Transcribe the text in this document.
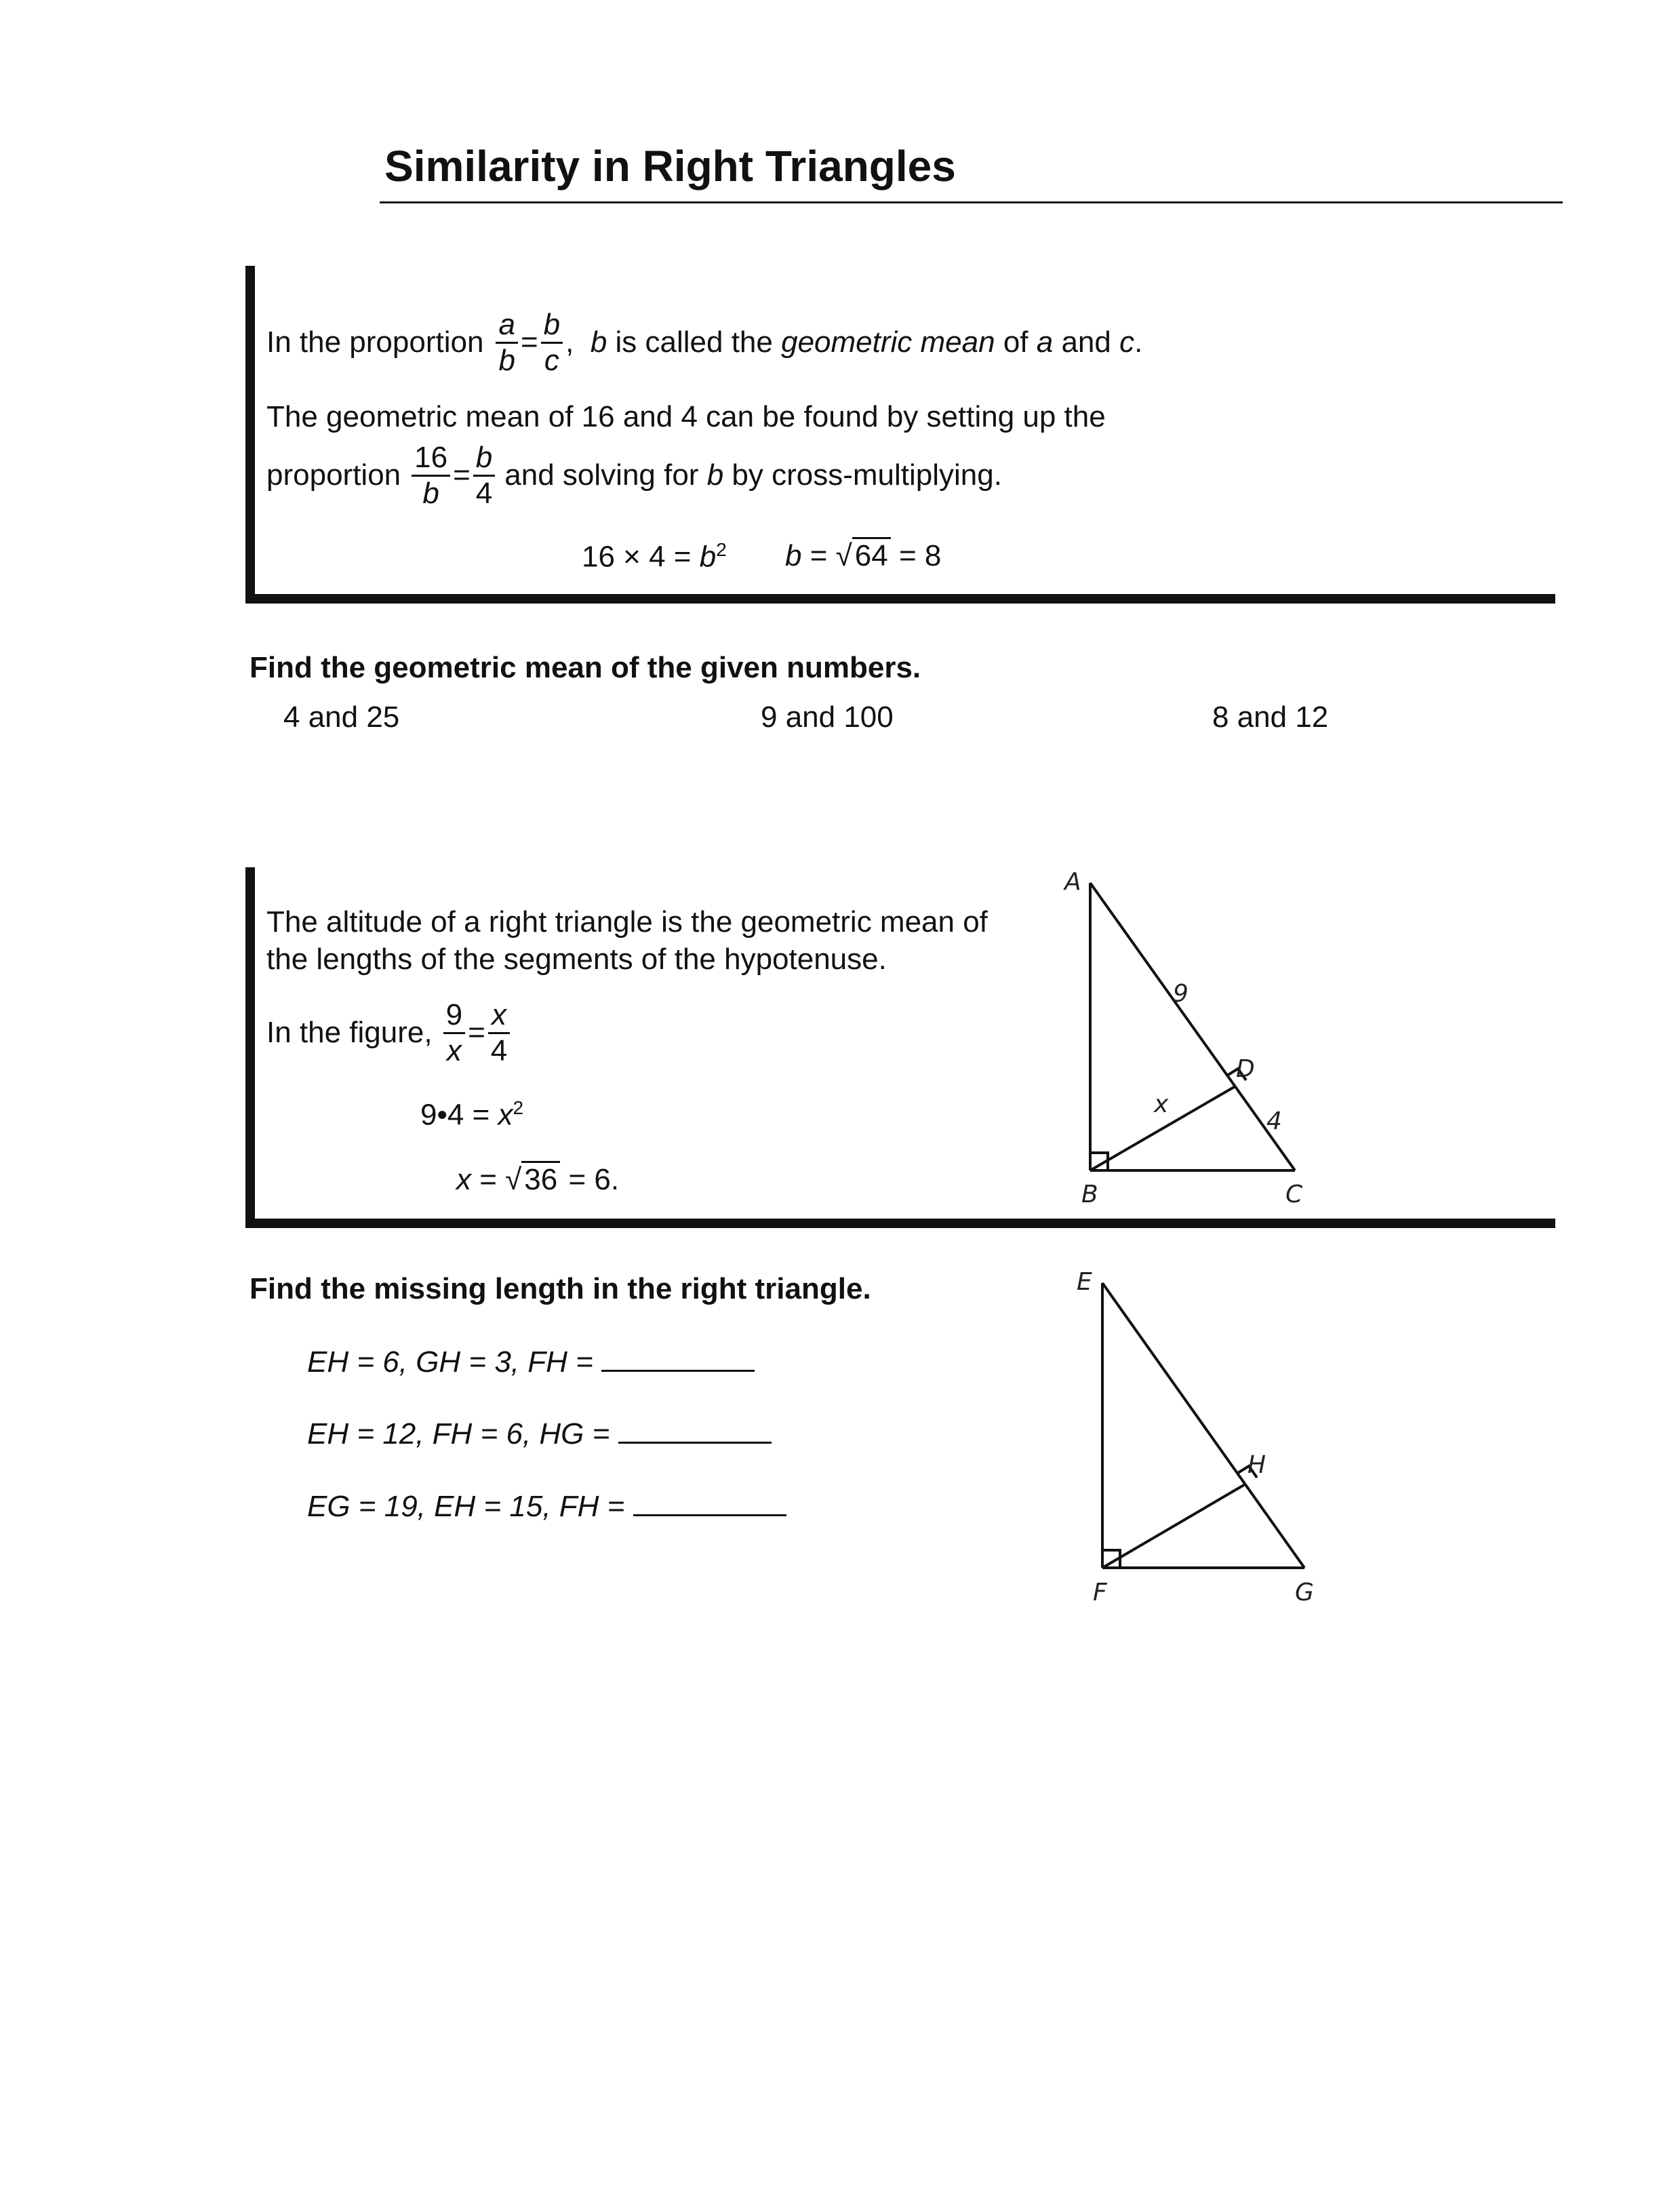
Similarity in Right Triangles
In the proportion $\frac{a}{b} = \frac{b}{c}$ , b is called the geometric mean of a and c .
The geometric mean of 16 and 4 can be found by setting up the
proportion $\frac{16}{b} = \frac{b}{4}$ and solving for b by cross-multiplying.
$16 \times 4 = b^2$ b = √64 = 8
Find the geometric mean of the given numbers.
4 and 25	9 and 100	8 and 12
The altitude of a right triangle is the geometric mean of
the lengths of the segments of the hypotenuse.
In the figure, $\frac{9}{x} = \frac{x}{4}$
9•4 = $x^2$
x = √36 = 6.
A
B	C
D
x
9
4
Find the missing length in the right triangle.
EH = 6, GH = 3, FH =
EH = 12, FH = 6, HG =
EG = 19, EH = 15, FH =
E
F	G
H
